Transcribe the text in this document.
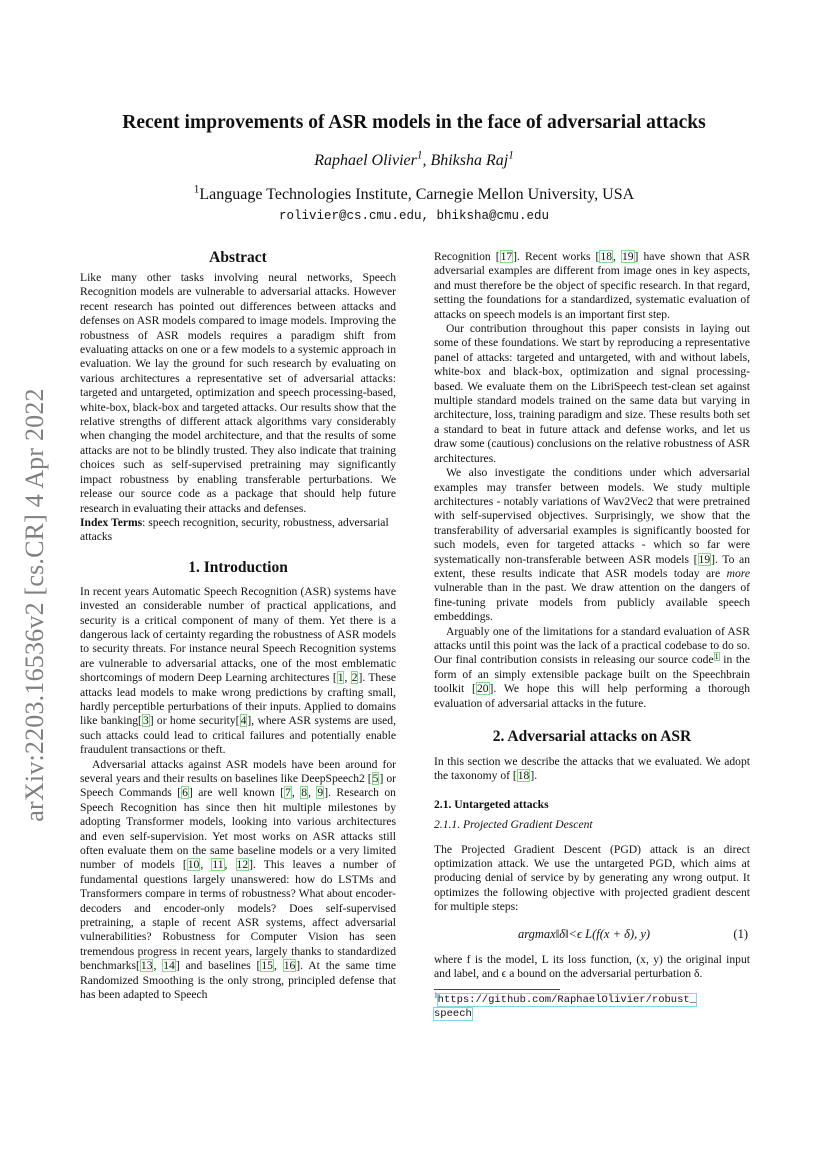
arXiv:2203.16536v2 [cs.CR] 4 Apr 2022
Recent improvements of ASR models in the face of adversarial attacks
Raphael Olivier$^1$, Bhiksha Raj$^1$
$^1$Language Technologies Institute, Carnegie Mellon University, USA
rolivier@cs.cmu.edu, bhiksha@cmu.edu
Abstract

Like many other tasks involving neural networks, Speech Recognition models are vulnerable to adversarial attacks. However recent research has pointed out differences between attacks and defenses on ASR models compared to image models. Improving the robustness of ASR models requires a paradigm shift from evaluating attacks on one or a few models to a systemic approach in evaluation. We lay the ground for such research by evaluating on various architectures a representative set of adversarial attacks: targeted and untargeted, optimization and speech processing-based, white-box, black-box and targeted attacks. Our results show that the relative strengths of different attack algorithms vary considerably when changing the model architecture, and that the results of some attacks are not to be blindly trusted. They also indicate that training choices such as self-supervised pretraining may significantly impact robustness by enabling transferable perturbations. We release our source code as a package that should help future research in evaluating their attacks and defenses.

Index Terms: speech recognition, security, robustness, adversarial attacks

1. Introduction

In recent years Automatic Speech Recognition (ASR) systems have invested an considerable number of practical applications, and security is a critical component of many of them. Yet there is a dangerous lack of certainty regarding the robustness of ASR models to security threats. For instance neural Speech Recognition systems are vulnerable to adversarial attacks, one of the most emblematic shortcomings of modern Deep Learning architectures [1, 2]. These attacks lead models to make wrong predictions by crafting small, hardly perceptible perturbations of their inputs. Applied to domains like banking[3] or home security[4], where ASR systems are used, such attacks could lead to critical failures and potentially enable fraudulent transactions or theft.

Adversarial attacks against ASR models have been around for several years and their results on baselines like DeepSpeech2 [5] or Speech Commands [6] are well known [7, 8, 9]. Research on Speech Recognition has since then hit multiple milestones by adopting Transformer models, looking into various architectures and even self-supervision. Yet most works on ASR attacks still often evaluate them on the same baseline models or a very limited number of models [10, 11, 12]. This leaves a number of fundamental questions largely unanswered: how do LSTMs and Transformers compare in terms of robustness? What about encoder-decoders and encoder-only models? Does self-supervised pretraining, a staple of recent ASR systems, affect adversarial vulnerabilities? Robustness for Computer Vision has seen tremendous progress in recent years, largely thanks to standardized benchmarks[13, 14] and baselines [15, 16]. At the same time Randomized Smoothing is the only strong, principled defense that has been adapted to Speech

Recognition [17]. Recent works [18, 19] have shown that ASR adversarial examples are different from image ones in key aspects, and must therefore be the object of specific research. In that regard, setting the foundations for a standardized, systematic evaluation of attacks on speech models is an important first step.

Our contribution throughout this paper consists in laying out some of these foundations. We start by reproducing a representative panel of attacks: targeted and untargeted, with and without labels, white-box and black-box, optimization and signal processing-based. We evaluate them on the LibriSpeech test-clean set against multiple standard models trained on the same data but varying in architecture, loss, training paradigm and size. These results both set a standard to beat in future attack and defense works, and let us draw some (cautious) conclusions on the relative robustness of ASR architectures.

We also investigate the conditions under which adversarial examples may transfer between models. We study multiple architectures - notably variations of Wav2Vec2 that were pretrained with self-supervised objectives. Surprisingly, we show that the transferability of adversarial examples is significantly boosted for such models, even for targeted attacks - which so far were systematically non-transferable between ASR models [19]. To an extent, these results indicate that ASR models today are more vulnerable than in the past. We draw attention on the dangers of fine-tuning private models from publicly available speech embeddings.

Arguably one of the limitations for a standard evaluation of ASR attacks until this point was the lack of a practical codebase to do so. Our final contribution consists in releasing our source code$^1$ in the form of an simply extensible package built on the Speechbrain toolkit [20]. We hope this will help performing a thorough evaluation of adversarial attacks in the future.

2. Adversarial attacks on ASR

In this section we describe the attacks that we evaluated. We adopt the taxonomy of [18].

2.1. Untargeted attacks
2.1.1. Projected Gradient Descent

The Projected Gradient Descent (PGD) attack is an direct optimization attack. We use the untargeted PGD, which aims at producing denial of service by by generating any wrong output. It optimizes the following objective with projected gradient descent for multiple steps:

argmax‖δ‖<ϵ L(f(x + δ), y)	(1)

where f is the model, L its loss function, (x, y) the original input and label, and ϵ a bound on the adversarial perturbation δ.

$^1$https://github.com/RaphaelOlivier/robust_
speech
